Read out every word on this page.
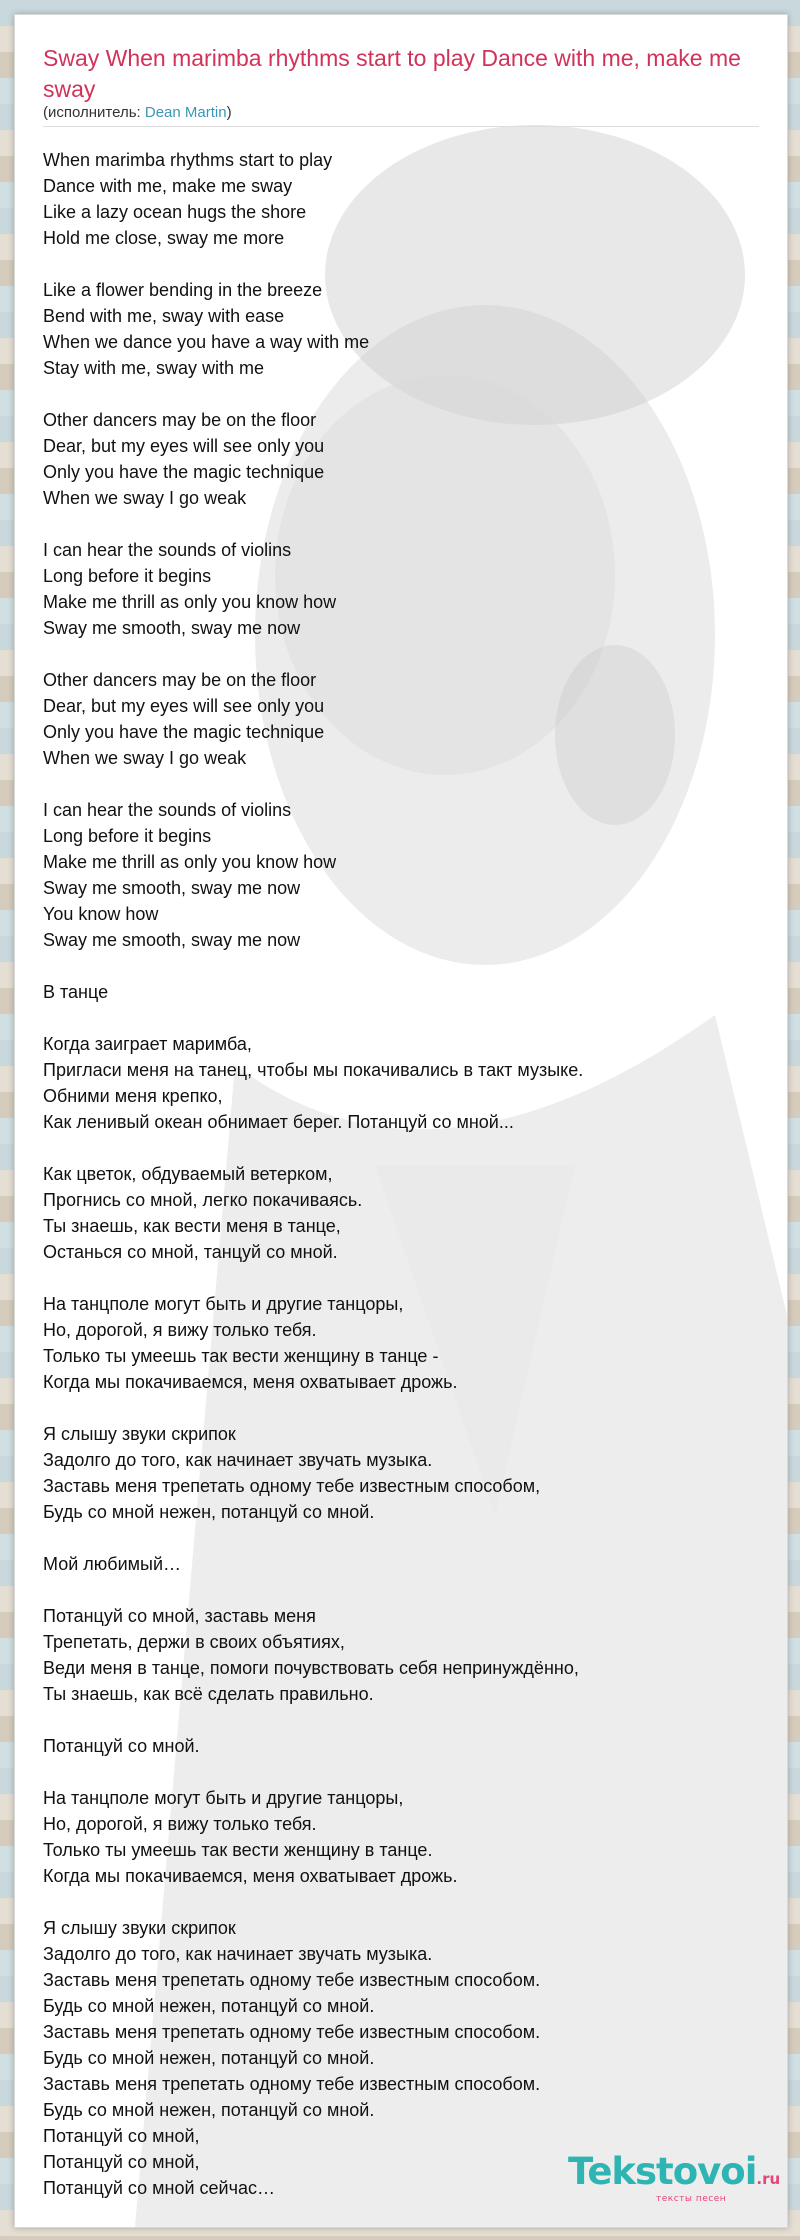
Sway When marimba rhythms start to play Dance with me, make me sway
(исполнитель: Dean Martin)
When marimba rhythms start to play
Dance with me, make me sway
Like a lazy ocean hugs the shore
Hold me close, sway me more
Like a flower bending in the breeze
Bend with me, sway with ease
When we dance you have a way with me
Stay with me, sway with me
Other dancers may be on the floor
Dear, but my eyes will see only you
Only you have the magic technique
When we sway I go weak
I can hear the sounds of violins
Long before it begins
Make me thrill as only you know how
Sway me smooth, sway me now
Other dancers may be on the floor
Dear, but my eyes will see only you
Only you have the magic technique
When we sway I go weak
I can hear the sounds of violins
Long before it begins
Make me thrill as only you know how
Sway me smooth, sway me now
You know how
Sway me smooth, sway me now
В танце
Когда заиграет маримба,
Пригласи меня на танец, чтобы мы покачивались в такт музыке.
Обними меня крепко,
Как ленивый океан обнимает берег. Потанцуй со мной...
Как цветок, обдуваемый ветерком,
Прогнись со мной, легко покачиваясь.
Ты знаешь, как вести меня в танце,
Останься со мной, танцуй со мной.
На танцполе могут быть и другие танцоры,
Но, дорогой, я вижу только тебя.
Только ты умеешь так вести женщину в танце -
Когда мы покачиваемся, меня охватывает дрожь.
Я слышу звуки скрипок
Задолго до того, как начинает звучать музыка.
Заставь меня трепетать одному тебе известным способом,
Будь со мной нежен, потанцуй со мной.
Мой любимый…
Потанцуй со мной, заставь меня
Трепетать, держи в своих объятиях,
Веди меня в танце, помоги почувствовать себя непринуждённо,
Ты знаешь, как всё сделать правильно.
Потанцуй со мной.
На танцполе могут быть и другие танцоры,
Но, дорогой, я вижу только тебя.
Только ты умеешь так вести женщину в танце.
Когда мы покачиваемся, меня охватывает дрожь.
Я слышу звуки скрипок
Задолго до того, как начинает звучать музыка.
Заставь меня трепетать одному тебе известным способом.
Будь со мной нежен, потанцуй со мной.
Заставь меня трепетать одному тебе известным способом.
Будь со мной нежен, потанцуй со мной.
Заставь меня трепетать одному тебе известным способом.
Будь со мной нежен, потанцуй со мной.
Потанцуй со мной,
Потанцуй со мной,
Потанцуй со мной сейчас…	Tekstovoi.ru
тексты песен
